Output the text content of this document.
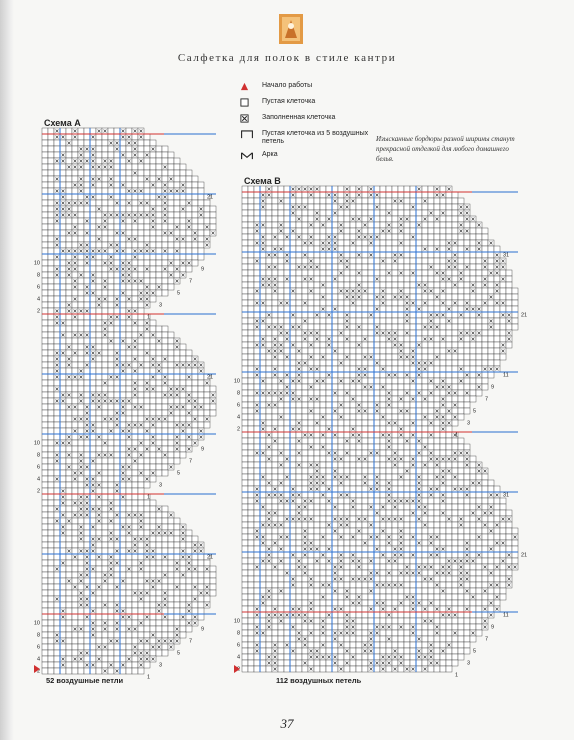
Салфетка для полок в стиле кантри
Начало работы
Пустая клеточка
Заполненная клеточка
Пустая клеточка из 5 воздушных петель
Арка
Изысканные бордюры разной ширины станут прекрасной отделкой для любого домашнего белья.
Схема A
2
4
6
8
10
2
4
6
8
10
2
4
6
8
10
1
3
5
7
9
21
1
3
5
7
9
21
1
3
5
7
9
21
52 воздушные петли
Схема B
2
4
6
8
10
2
4
6
8
10
1
3
5
7
9
11
21
31
1
3
5
7
9
11
21
31
112 воздушных петель
37
